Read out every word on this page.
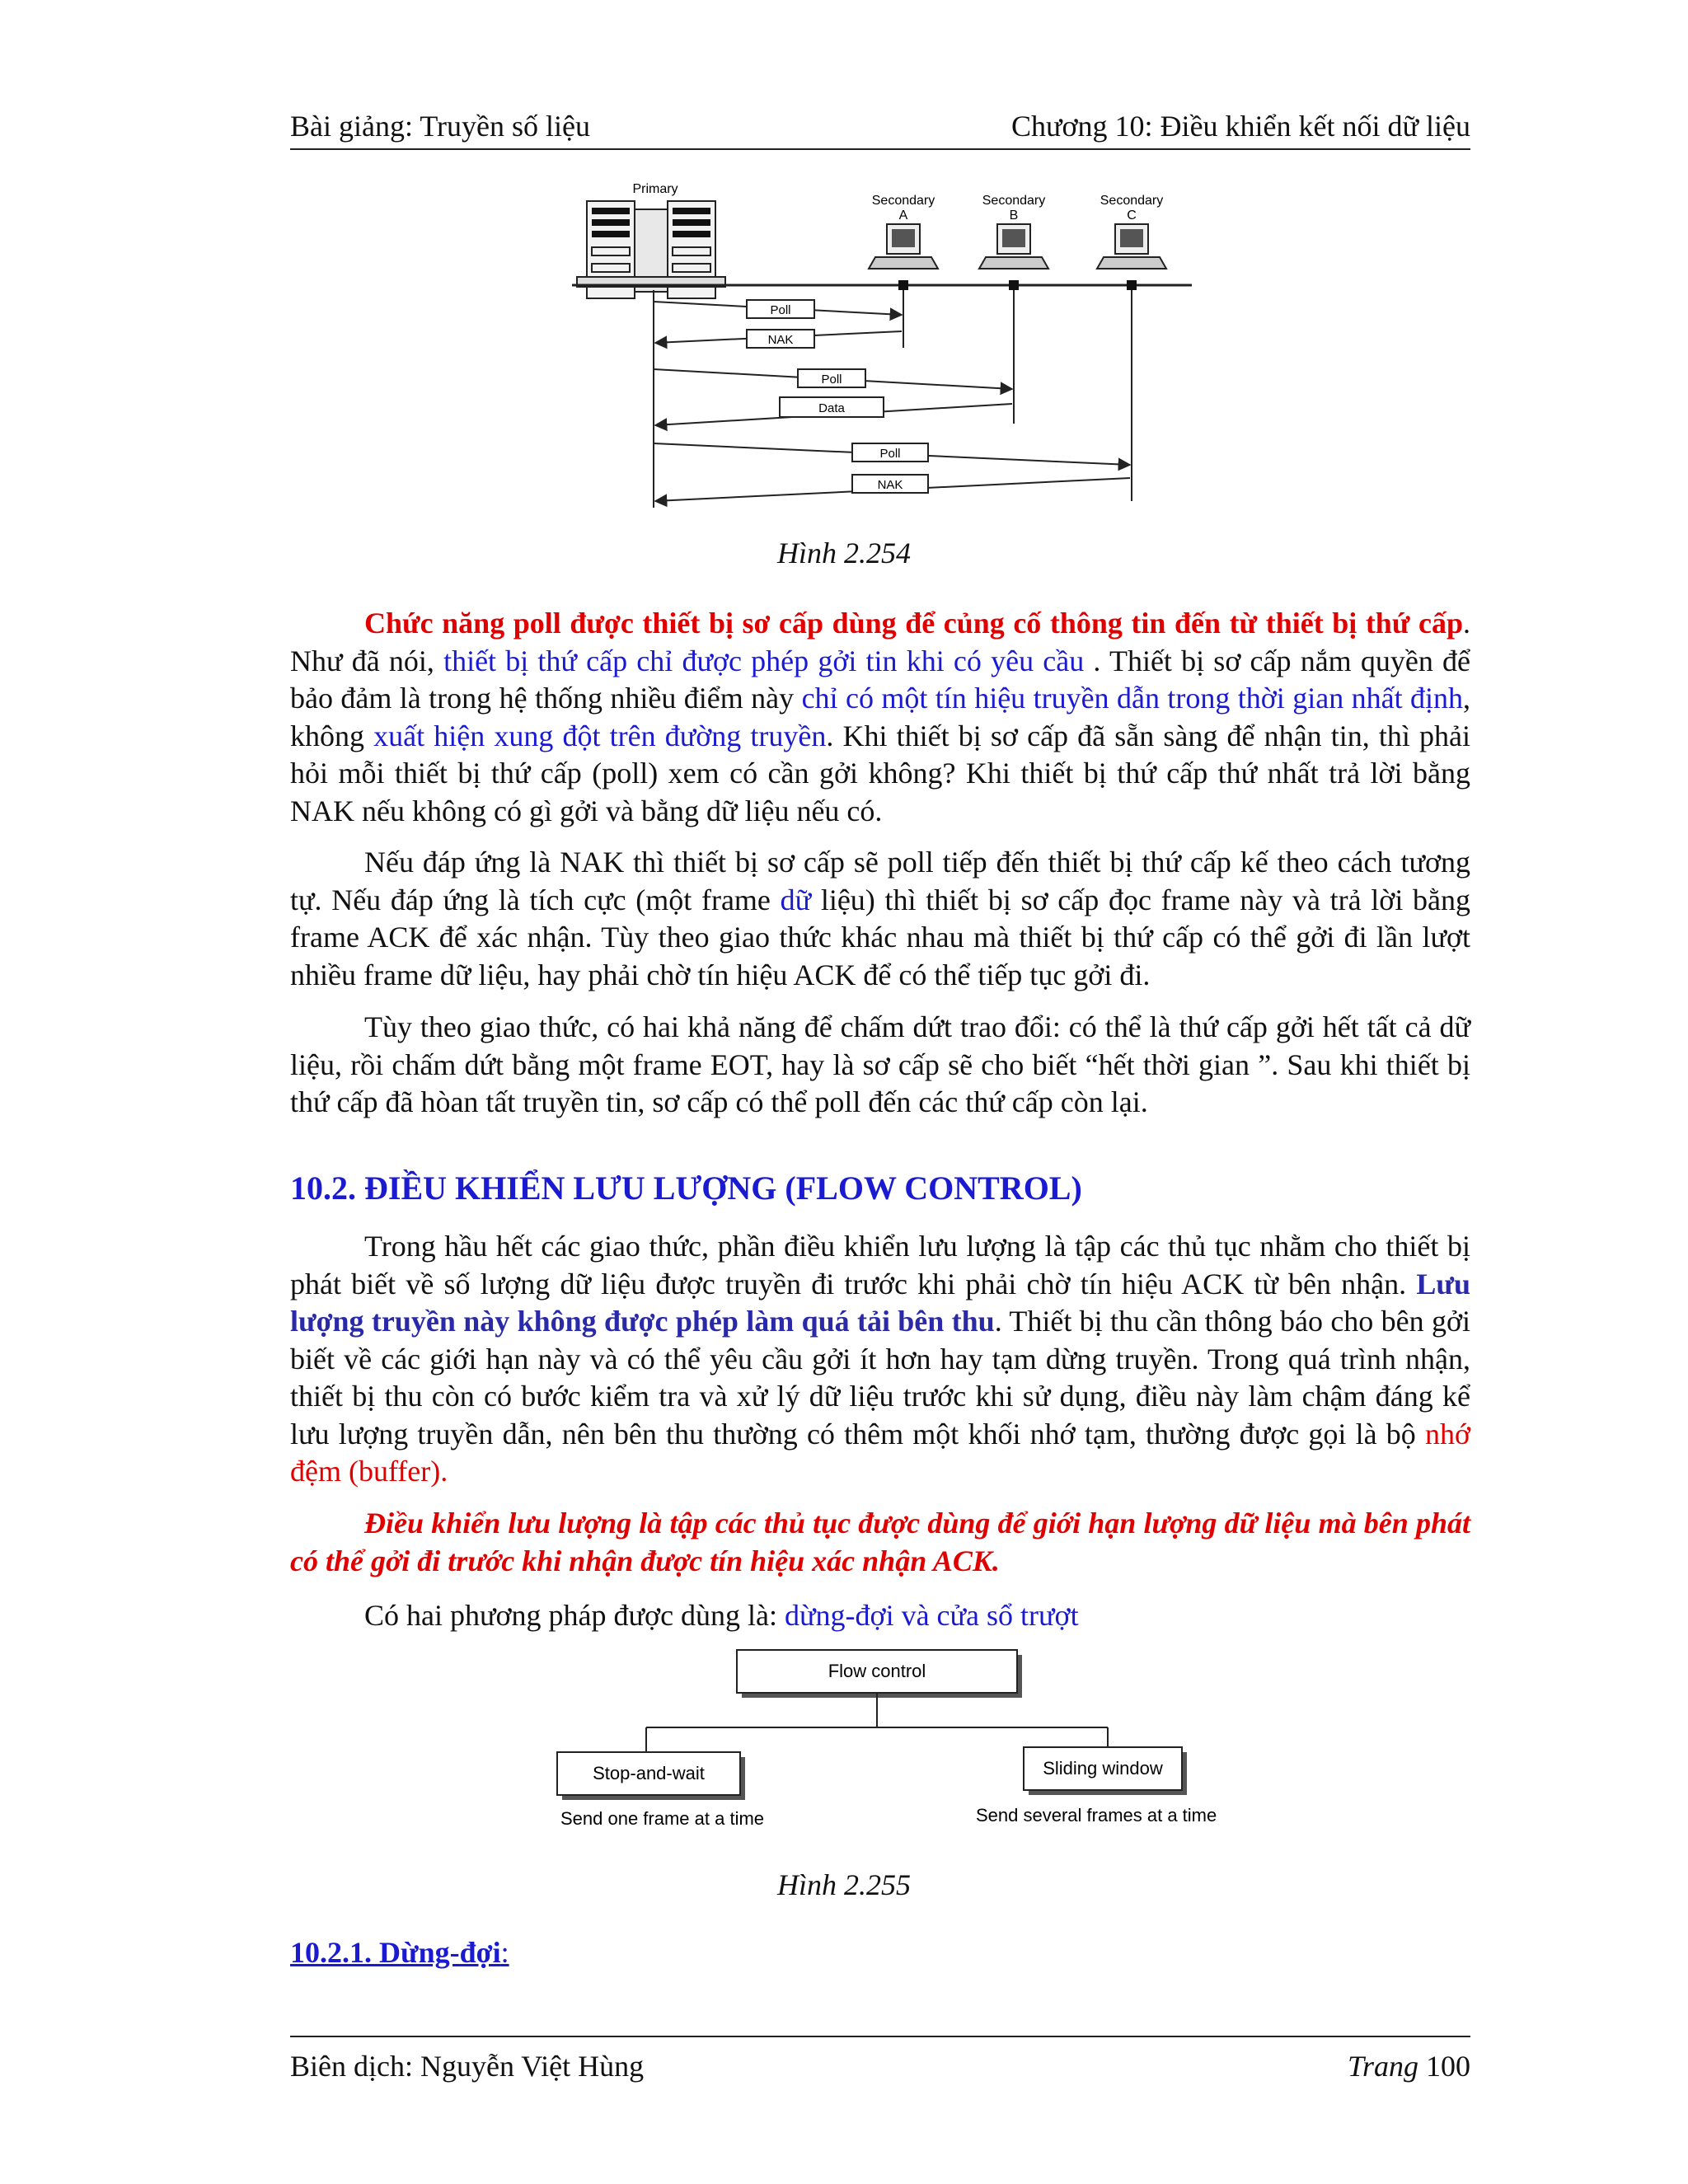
Bài giảng: Truyền số liệu	Chương 10: Điều khiển kết nối dữ liệu
Primary
Secondary
A
Secondary
B
Secondary
C
Poll
NAK
Poll
Data
Poll
NAK
Hình 2.254

Chức năng poll được thiết bị sơ cấp dùng để củng cố thông tin đến từ thiết bị thứ cấp. Như đã nói, thiết bị thứ cấp chỉ được phép gởi tin khi có yêu cầu . Thiết bị sơ cấp nắm quyền để bảo đảm là trong hệ thống nhiều điểm này chỉ có một tín hiệu truyền dẫn trong thời gian nhất định, không xuất hiện xung đột trên đường truyền. Khi thiết bị sơ cấp đã sẵn sàng để nhận tin, thì phải hỏi mỗi thiết bị thứ cấp (poll) xem có cần gởi không? Khi thiết bị thứ cấp thứ nhất trả lời bằng NAK nếu không có gì gởi và bằng dữ liệu nếu có.

Nếu đáp ứng là NAK thì thiết bị sơ cấp sẽ poll tiếp đến thiết bị thứ cấp kế theo cách tương tự. Nếu đáp ứng là tích cực (một frame dữ liệu) thì thiết bị sơ cấp đọc frame này và trả lời bằng frame ACK để xác nhận. Tùy theo giao thức khác nhau mà thiết bị thứ cấp có thể gởi đi lần lượt nhiều frame dữ liệu, hay phải chờ tín hiệu ACK để có thể tiếp tục gởi đi.

Tùy theo giao thức, có hai khả năng để chấm dứt trao đổi: có thể là thứ cấp gởi hết tất cả dữ liệu, rồi chấm dứt bằng một frame EOT, hay là sơ cấp sẽ cho biết “hết thời gian ”. Sau khi thiết bị thứ cấp đã hòan tất truyền tin, sơ cấp có thể poll đến các thứ cấp còn lại.

10.2. ĐIỀU KHIỂN LƯU LƯỢNG (FLOW CONTROL)

Trong hầu hết các giao thức, phần điều khiển lưu lượng là tập các thủ tục nhằm cho thiết bị phát biết về số lượng dữ liệu được truyền đi trước khi phải chờ tín hiệu ACK từ bên nhận. Lưu lượng truyền này không được phép làm quá tải bên thu. Thiết bị thu cần thông báo cho bên gởi biết về các giới hạn này và có thể yêu cầu gởi ít hơn hay tạm dừng truyền. Trong quá trình nhận, thiết bị thu còn có bước kiểm tra và xử lý dữ liệu trước khi sử dụng, điều này làm chậm đáng kể lưu lượng truyền dẫn, nên bên thu thường có thêm một khối nhớ tạm, thường được gọi là bộ nhớ đệm (buffer).

Điều khiển lưu lượng là tập các thủ tục được dùng để giới hạn lượng dữ liệu mà bên phát có thể gởi đi trước khi nhận được tín hiệu xác nhận ACK.

Có hai phương pháp được dùng là: dừng-đợi và cửa sổ trượt

Flow control
Stop-and-wait
Send one frame at a time
Sliding window
Send several frames at a time
Hình 2.255
10.2.1. Dừng-đợi:
Biên dịch: Nguyễn Việt Hùng	Trang 100
